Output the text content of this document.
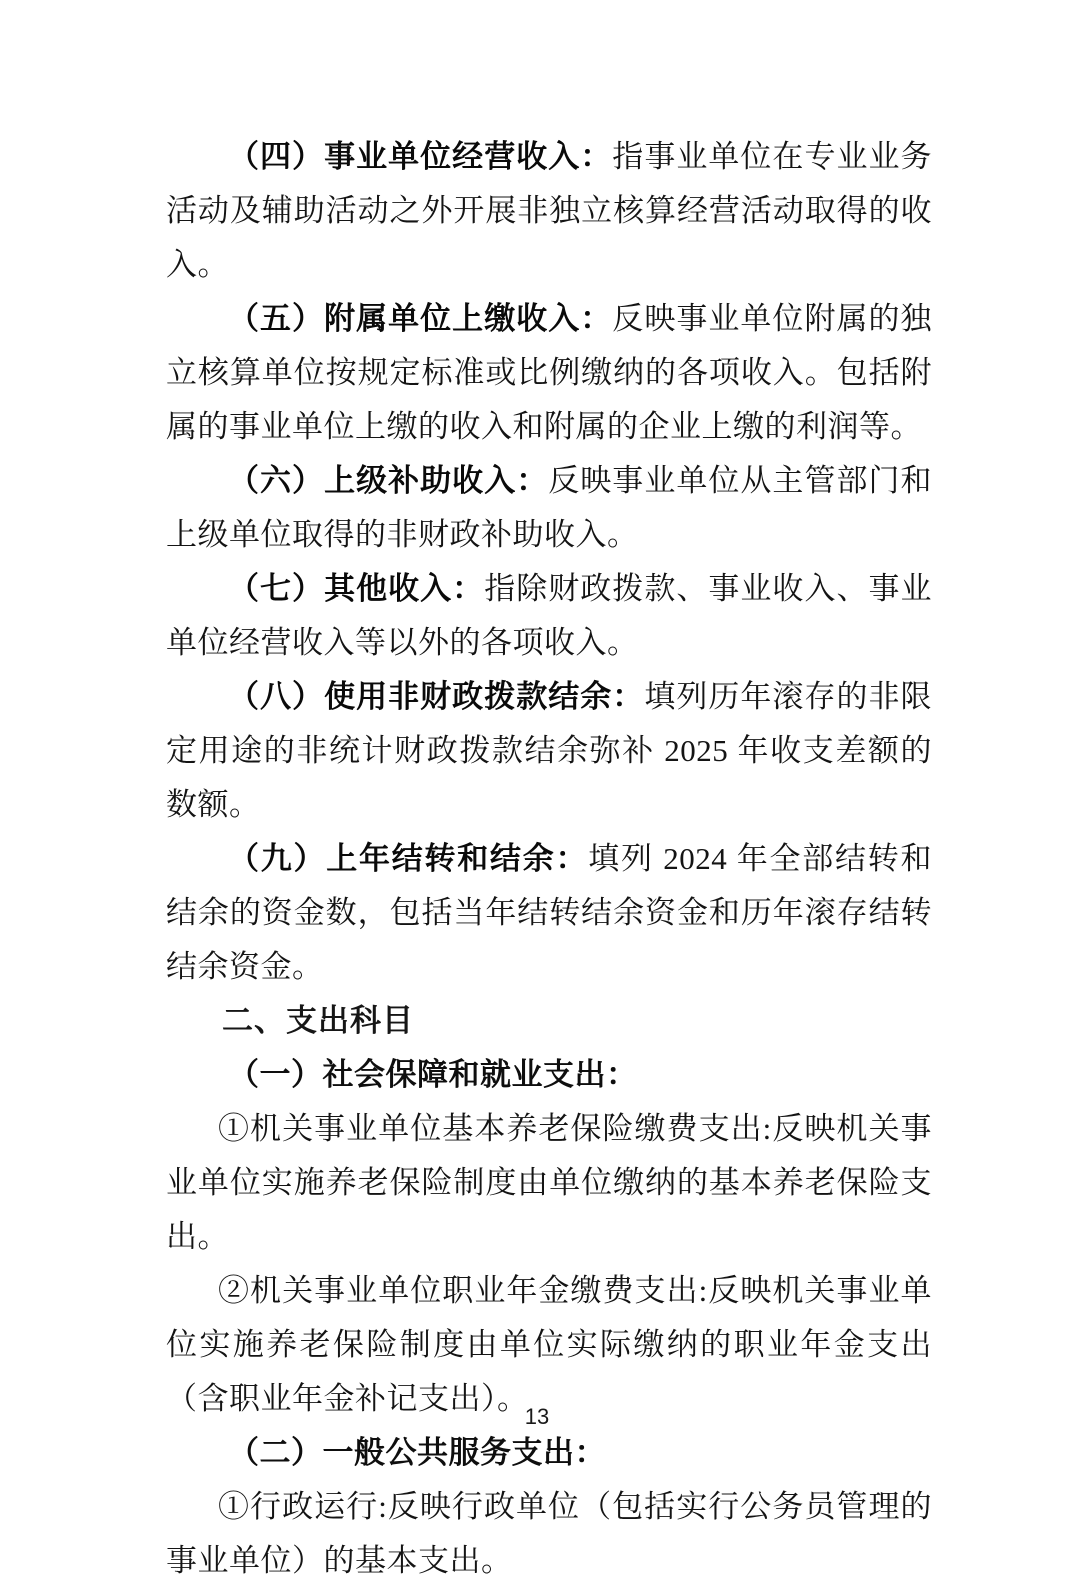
（四）事业单位经营收入：指事业单位在专业业务活动及辅助活动之外开展非独立核算经营活动取得的收入。

（五）附属单位上缴收入：反映事业单位附属的独立核算单位按规定标准或比例缴纳的各项收入。包括附属的事业单位上缴的收入和附属的企业上缴的利润等。

（六）上级补助收入：反映事业单位从主管部门和上级单位取得的非财政补助收入。

（七）其他收入：指除财政拨款、事业收入、事业单位经营收入等以外的各项收入。

（八）使用非财政拨款结余：填列历年滚存的非限定用途的非统计财政拨款结余弥补 2025 年收支差额的数额。

（九）上年结转和结余：填列 2024 年全部结转和结余的资金数，包括当年结转结余资金和历年滚存结转结余资金。

二、支出科目
（一）社会保障和就业支出：

①机关事业单位基本养老保险缴费支出:反映机关事业单位实施养老保险制度由单位缴纳的基本养老保险支出。

②机关事业单位职业年金缴费支出:反映机关事业单位实施养老保险制度由单位实际缴纳的职业年金支出（含职业年金补记支出）。

（二）一般公共服务支出：

①行政运行:反映行政单位（包括实行公务员管理的事业单位）的基本支出。

13
